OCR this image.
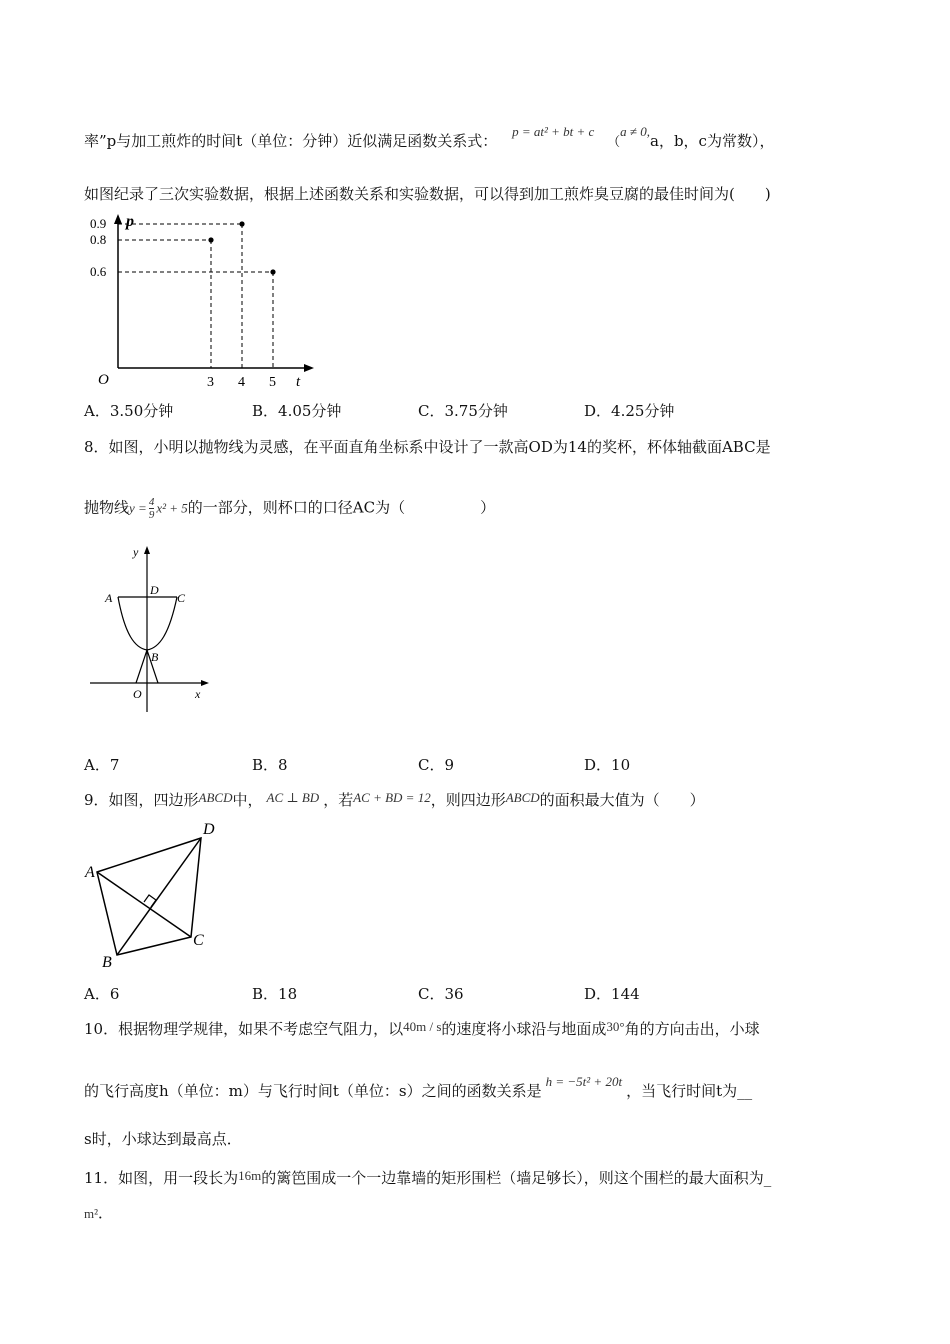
率”p与加工煎炸的时间t（单位：分钟）近似满足函数关系式： p = at² + bt + c （a ≠ 0,a，b，c为常数），
如图纪录了三次实验数据，根据上述函数关系和实验数据，可以得到加工煎炸臭豆腐的最佳时间为(　　)
p
t
O	3 4 5
0.9
0.8
0.6
A．3.50分钟	B．4.05分钟	C．3.75分钟	D．4.25分钟
8．如图，小明以抛物线为灵感，在平面直角坐标系中设计了一款高OD为14的奖杯，杯体轴截面ABC是
抛物线$y = \frac{4}{9} x^2 + 5$的一部分，则杯口的口径AC为（　　　　　）
y
x
A
D
C
B
O
A．7	B．8	C．9	D．10
9．如图，四边形ABCD中， AC ⊥ BD ，若AC + BD = 12，则四边形ABCD的面积最大值为（　　）
A
B
C
D
A．6	B．18	C．36	D．144
10．根据物理学规律，如果不考虑空气阻力，以40m / s的速度将小球沿与地面成30°角的方向击出，小球
的飞行高度h（单位：m）与飞行时间t（单位：s）之间的函数关系是h = −5t² + 20t，当飞行时间t为__
s时，小球达到最高点．
11．如图，用一段长为16m的篱笆围成一个一边靠墙的矩形围栏（墙足够长），则这个围栏的最大面积为_
m²．
